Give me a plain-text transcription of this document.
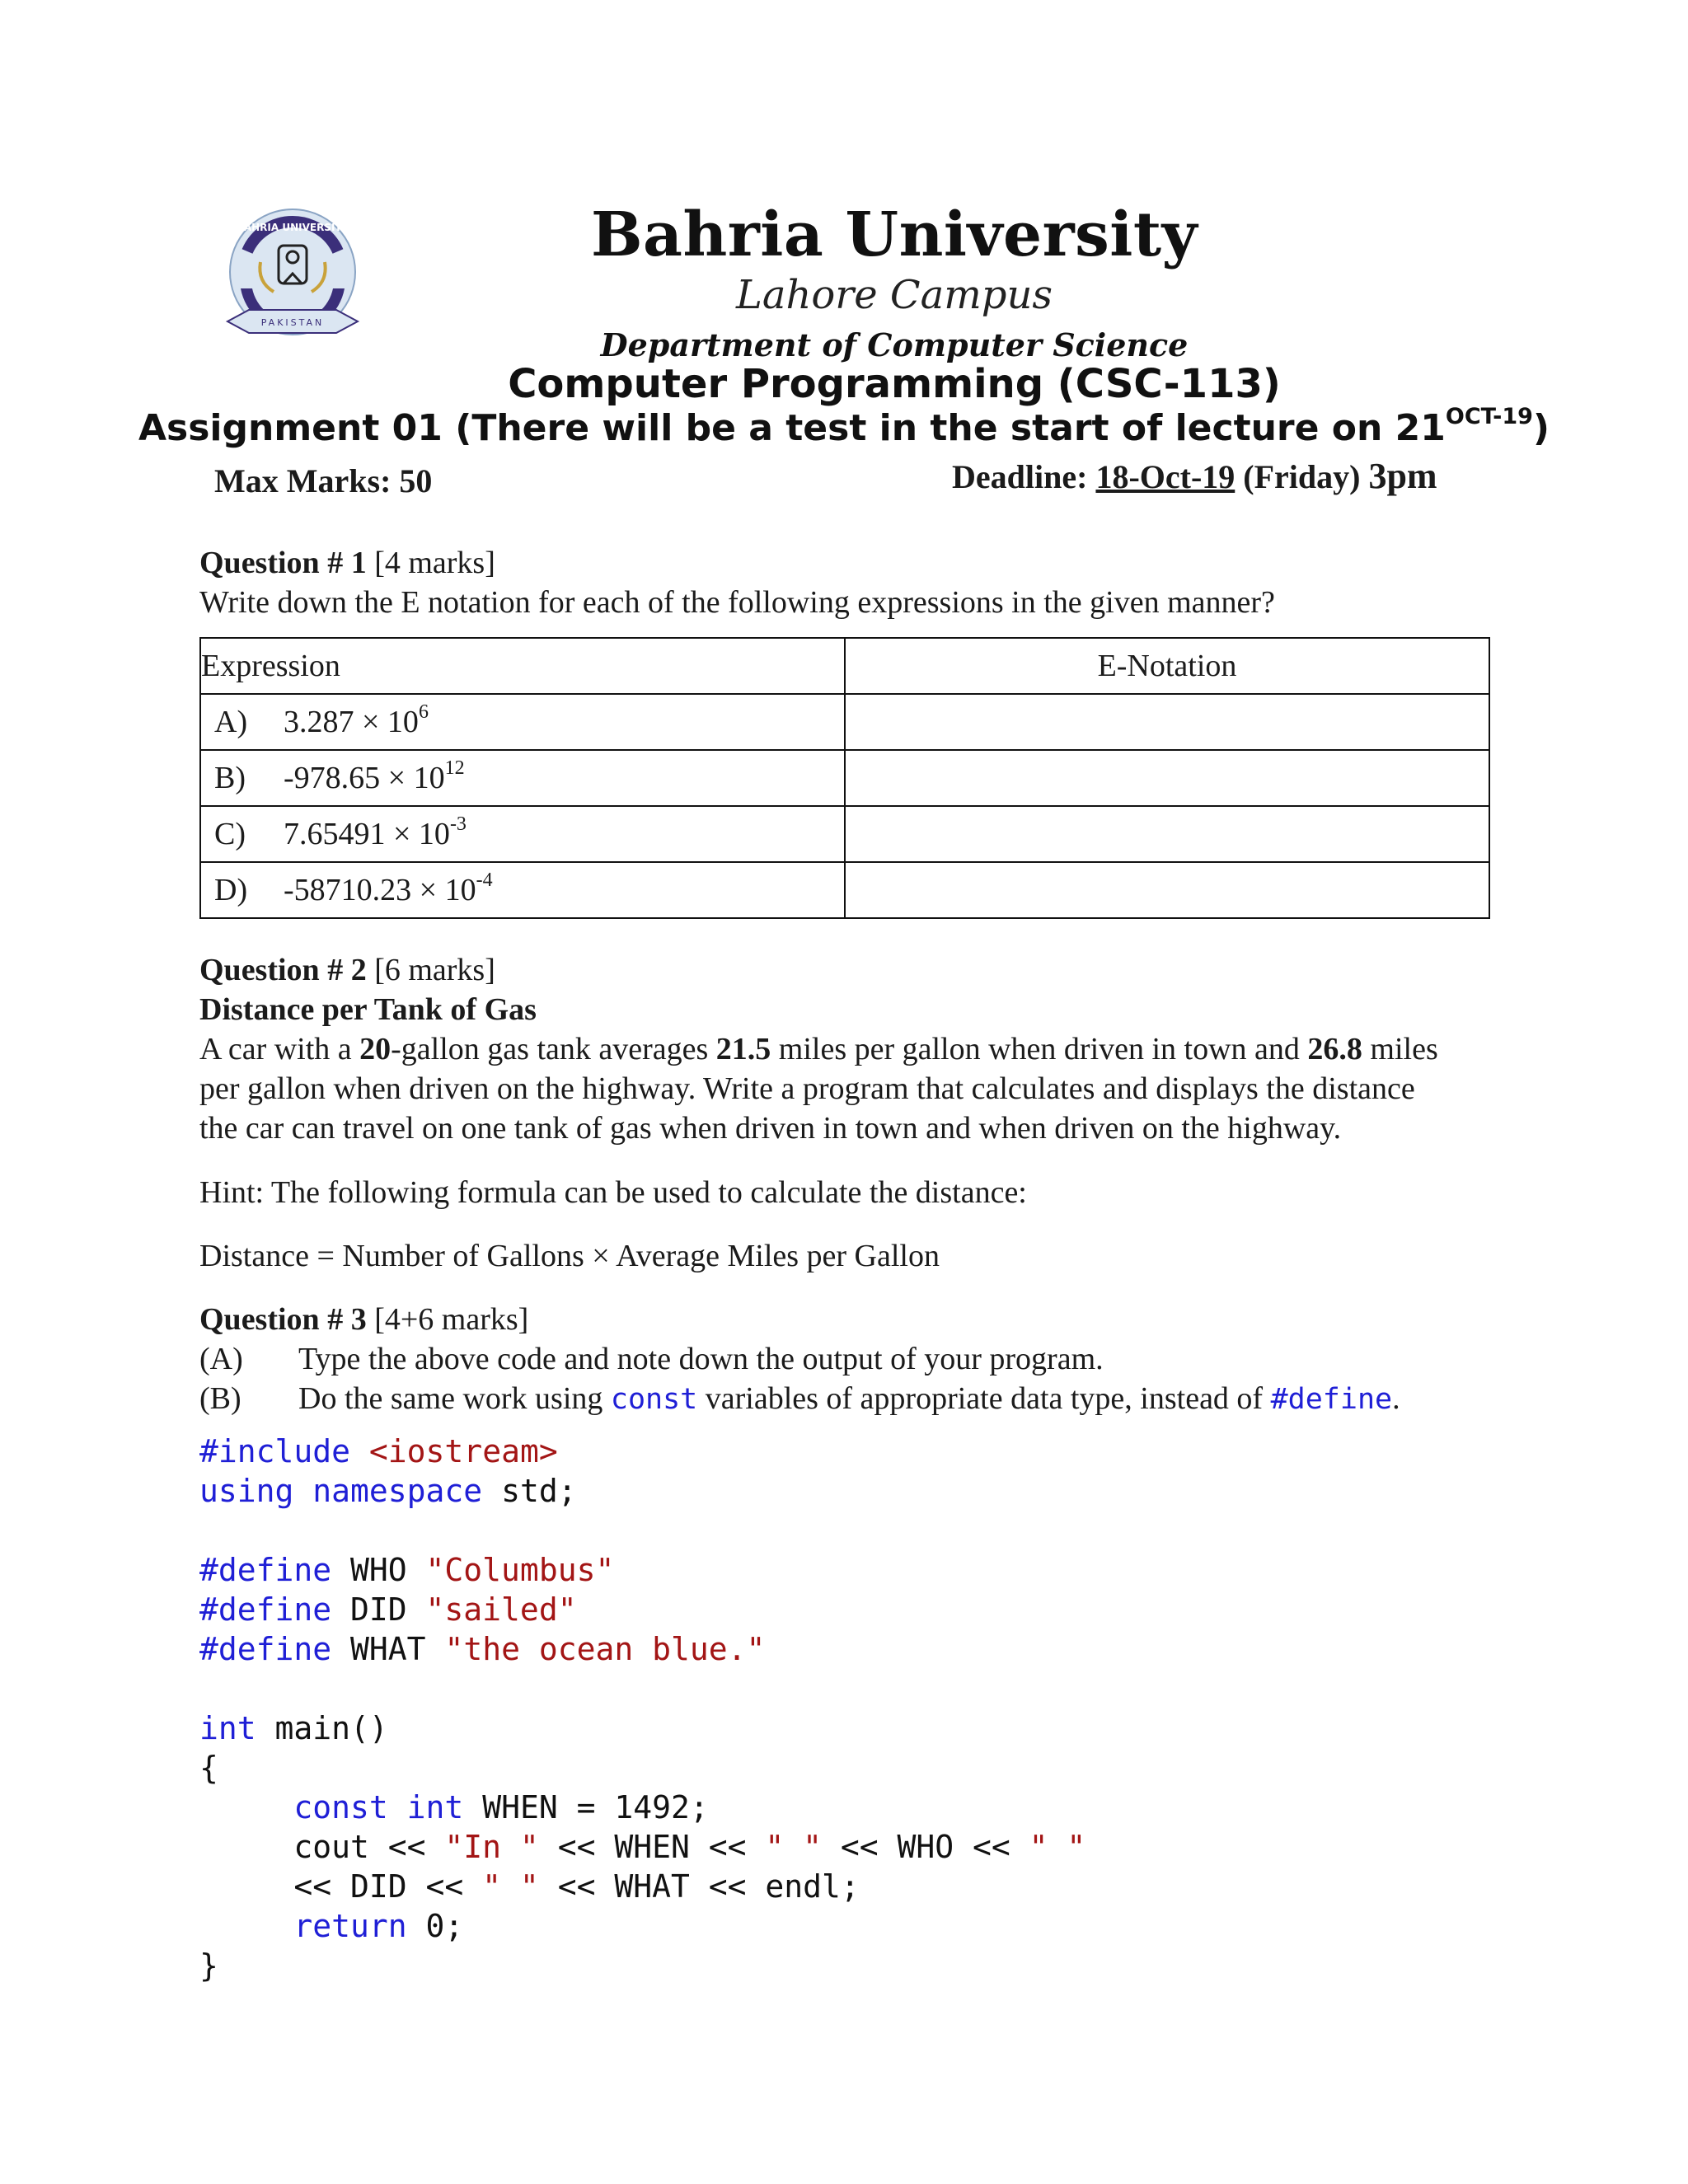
PAKISTAN
BAHRIA UNIVERSITY	Bahria University
Lahore Campus
Department of Computer Science
Computer Programming (CSC-113)
Assignment 01 (There will be a test in the start of lecture on $21^{OCT-19}$)
Max Marks: 50	Deadline: 18-Oct-19 (Friday) 3pm
Question # 1 [4 marks]
Write down the E notation for each of the following expressions in the given manner?
Expression	E-Notation
A) $3.287 \times 10^6$	
B) $-978.65 \times 10^{12}$	
C) $7.65491 \times 10^{-3}$	
D) $-58710.23 \times 10^{-4}$	
Question # 2 [6 marks]
Distance per Tank of Gas
A car with a 20-gallon gas tank averages 21.5 miles per gallon when driven in town and 26.8 miles
per gallon when driven on the highway. Write a program that calculates and displays the distance
the car can travel on one tank of gas when driven in town and when driven on the highway.
Hint: The following formula can be used to calculate the distance:
Distance = Number of Gallons × Average Miles per Gallon
Question # 3 [4+6 marks]
(A) Type the above code and note down the output of your program.
(B) Do the same work using const variables of appropriate data type, instead of #define.
#include <iostream>
using namespace std;

#define WHO "Columbus"
#define DID "sailed"
#define WHAT "the ocean blue."

int main()
{
const int WHEN = 1492;
cout << "In " << WHEN << " " << WHO << " "
<< DID << " " << WHAT << endl;
return 0;
}
